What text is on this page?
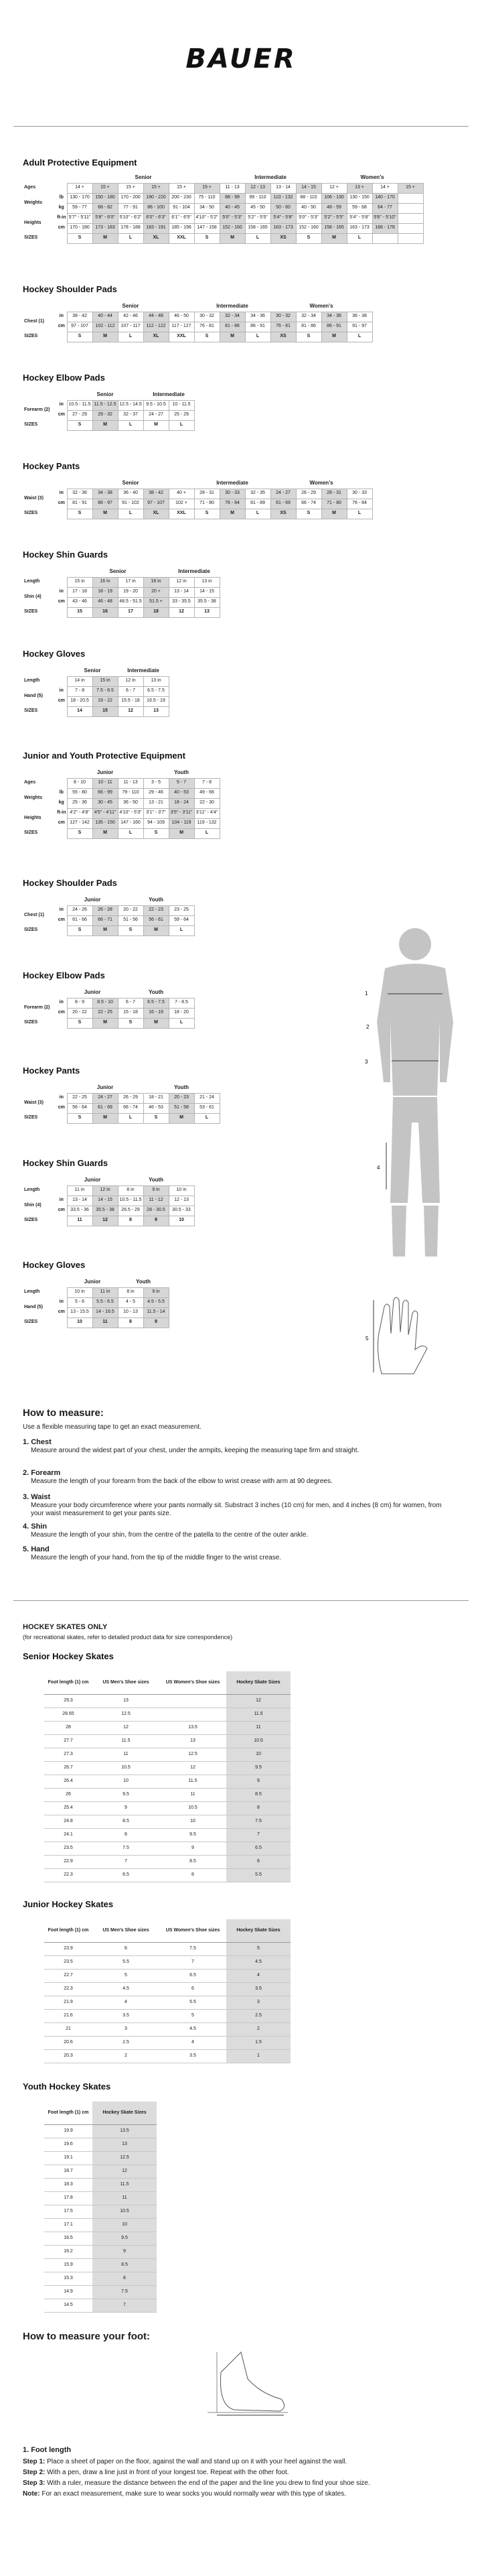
BAUER
Adult Protective Equipment
		Senior						Intermediate				Women's			
Ages		14 +	15 +	15 +	15 +	15 +	15 +	11 - 13	12 - 13	13 - 14	14 - 15	12 +	13 +	14 +	15 +
Weights	lb	130 - 170	150 - 180	170 - 200	190 - 220	200 - 230	75 - 110	88 - 99	99 - 110	110 - 132	88 - 110	106 - 130	130 - 150	140 - 170	
	kg	59 - 77	68 - 82	77 - 91	86 - 100	91 - 104	34 - 50	40 - 45	45 - 50	50 - 60	40 - 50	48 - 59	59 - 68	64 - 77	
Heights	ft-in	5'7" - 5'11"	5'8" - 6'0"	5'10" - 6'2"	6'0" - 6'3"	6'1" - 6'5"	4'10" - 5'2"	5'0" - 5'3"	5'2" - 5'5"	5'4" - 5'8"	5'0" - 5'3"	5'2" - 5'5"	5'4" - 5'8"	5'6" - 5'10"	
	cm	170 - 180	173 - 183	178 - 188	183 - 191	185 - 196	147 - 158	152 - 160	158 - 165	163 - 173	152 - 160	158 - 165	163 - 173	168 - 178	
SIZES		S	M	L	XL	XXL	S	M	L	XS	S	M	L		
Hockey Shoulder Pads
		Senior					Intermediate			Women's			
Chest (1)	in	38 - 42	40 - 44	42 - 46	44 - 48	46 - 50	30 - 32	32 - 34	34 - 36	30 - 32	32 - 34	34 - 36	36 - 38
	cm	97 - 107	102 - 112	107 - 117	112 - 122	117 - 127	76 - 81	81 - 86	86 - 91	76 - 81	81 - 86	86 - 91	91 - 97
SIZES		S	M	L	XL	XXL	S	M	L	XS	S	M	L
Hockey Elbow Pads
		Senior			Intermediate	
Forearm (2)	in	10.5 - 11.5	11.5 - 12.5	12.5 - 14.5	9.5 - 10.5	10 - 11.5
	cm	27 - 29	29 - 32	32 - 37	24 - 27	25 - 29
SIZES		S	M	L	M	L
Hockey Pants
		Senior					Intermediate			Women's			
Waist (3)	in	32 - 36	34 - 38	36 - 40	38 - 42	40 +	28 - 31	30 - 33	32 - 35	24 - 27	26 - 29	28 - 31	30 - 33
	cm	81 - 91	86 - 97	91 - 102	97 - 107	102 +	71 - 80	76 - 84	81 - 89	61 - 69	66 - 74	71 - 80	76 - 84
SIZES		S	M	L	XL	XXL	S	M	L	XS	S	M	L
Hockey Shin Guards
		Senior				Intermediate	
Length		15 in	16 in	17 in	18 in	12 in	13 in
Shin (4)	in	17 - 18	18 - 19	19 - 20	20 +	13 - 14	14 - 15
	cm	43 - 46	46 - 48	48.5 - 51.5	51.5 +	33 - 35.5	35.5 - 38
SIZES		15	16	17	18	12	13
Hockey Gloves
		Senior		Intermediate	
Length		14 in	15 in	12 in	13 in
Hand (5)	in	7 - 8	7.5 - 8.5	6 - 7	6.5 - 7.5
	cm	18 - 20.5	19 - 22	15.5 - 18	16.5 - 19
SIZES		14	15	12	13
Junior and Youth Protective Equipment
		Junior			Youth		
Ages		8 - 10	10 - 11	11 - 13	3 - 5	5 - 7	7 - 8
Weights	lb	55 - 80	66 - 99	79 - 110	29 - 46	40 - 53	49 - 66
	kg	25 - 36	30 - 45	36 - 50	13 - 21	18 - 24	22 - 30
Heights	ft-in	4'2" - 4'8"	4'5" - 4'11"	4'10" - 5'3"	3'1" - 3'7"	3'5" - 3'11"	3'11" - 4'4"
	cm	127 - 142	135 - 150	147 - 160	94 - 109	104 - 119	119 - 132
SIZES		S	M	L	S	M	L
Hockey Shoulder Pads
		Junior		Youth		
Chest (1)	in	24 - 26	26 - 28	20 - 22	22 - 23	23 - 25
	cm	61 - 66	66 - 71	51 - 56	56 - 61	59 - 64
SIZES		S	M	S	M	L
Hockey Elbow Pads
		Junior		Youth		
Forearm (2)	in	8 - 9	8.5 - 10	6 - 7	6.5 - 7.5	7 - 8.5
	cm	20 - 22	22 - 25	15 - 18	16 - 19	18 - 20
SIZES		S	M	S	M	L
Hockey Pants
		Junior			Youth		
Waist (3)	in	22 - 25	24 - 27	26 - 29	18 - 21	20 - 23	21 - 24
	cm	56 - 64	61 - 69	66 - 74	46 - 53	51 - 58	53 - 61
SIZES		S	M	L	S	M	L
Hockey Shin Guards
		Junior		Youth		
Length		11 in	12 in	8 in	9 in	10 in
Shin (4)	in	13 - 14	14 - 15	10.5 - 11.5	11 - 12	12 - 13
	cm	33.5 - 36	35.5 - 38	26.5 - 29	28 - 30.5	30.5 - 33
SIZES		11	12	8	9	10
Hockey Gloves
		Junior		Youth	
Length		10 in	11 in	8 in	9 in
Hand (5)	in	5 - 6	5.5 - 6.5	4 - 5	4.5 - 5.5
	cm	13 - 15.5	14 - 16.5	10 - 13	11.5 - 14
SIZES		10	11	8	9
1
3
4
2
5
How to measure:
Use a flexible measuring tape to get an exact measurement.
1. Chest
Measure around the widest part of your chest, under the armpits, keeping the measuring tape firm and straight.
2. Forearm
Measure the length of your forearm from the back of the elbow to wrist crease with arm at 90 degrees.
3. Waist
Measure your body circumference where your pants normally sit. Substract 3 inches (10 cm) for men, and 4 inches (8 cm) for women, from your waist measurement to get your pants size.
4. Shin
Measure the length of your shin, from the centre of the patella to the centre of the outer ankle.
5. Hand
Measure the length of your hand, from the tip of the middle finger to the wrist crease.
HOCKEY SKATES ONLY
(for recreational skates, refer to detailed product data for size correspondence)
Senior Hockey Skates
Foot length (1) cm	US Men's Shoe sizes	US Women's Shoe sizes	Hockey Skate Sizes
29.3	13		12
28.65	12.5		11.5
28	12	13.5	11
27.7	11.5	13	10.5
27.3	11	12.5	10
26.7	10.5	12	9.5
26.4	10	11.5	9
26	9.5	11	8.5
25.4	9	10.5	8
24.8	8.5	10	7.5
24.1	8	9.5	7
23.5	7.5	9	6.5
22.9	7	8.5	6
22.3	6.5	8	5.5
Junior Hockey Skates
Foot length (1) cm	US Men's Shoe sizes	US Women's Shoe sizes	Hockey Skate Sizes
23.9	6	7.5	5
23.5	5.5	7	4.5
22.7	5	6.5	4
22.3	4.5	6	3.5
21.9	4	5.5	3
21.6	3.5	5	2.5
21	3	4.5	2
20.6	2.5	4	1.5
20.3	2	3.5	1
Youth Hockey Skates
Foot length (1) cm	Hockey Skate Sizes
19.9	13.5
19.6	13
19.1	12.5
18.7	12
18.3	11.5
17.8	11
17.5	10.5
17.1	10
16.5	9.5
16.2	9
15.9	8.5
15.3	8
14.9	7.5
14.5	7
How to measure your foot:
1. Foot length
Step 1: Place a sheet of paper on the floor, against the wall and stand up on it with your heel against the wall.
Step 2: With a pen, draw a line just in front of your longest toe. Repeat with the other foot.
Step 3: With a ruler, measure the distance between the end of the paper and the line you drew to find your shoe size.
Note: For an exact measurement, make sure to wear socks you would normally wear with this type of skates.
